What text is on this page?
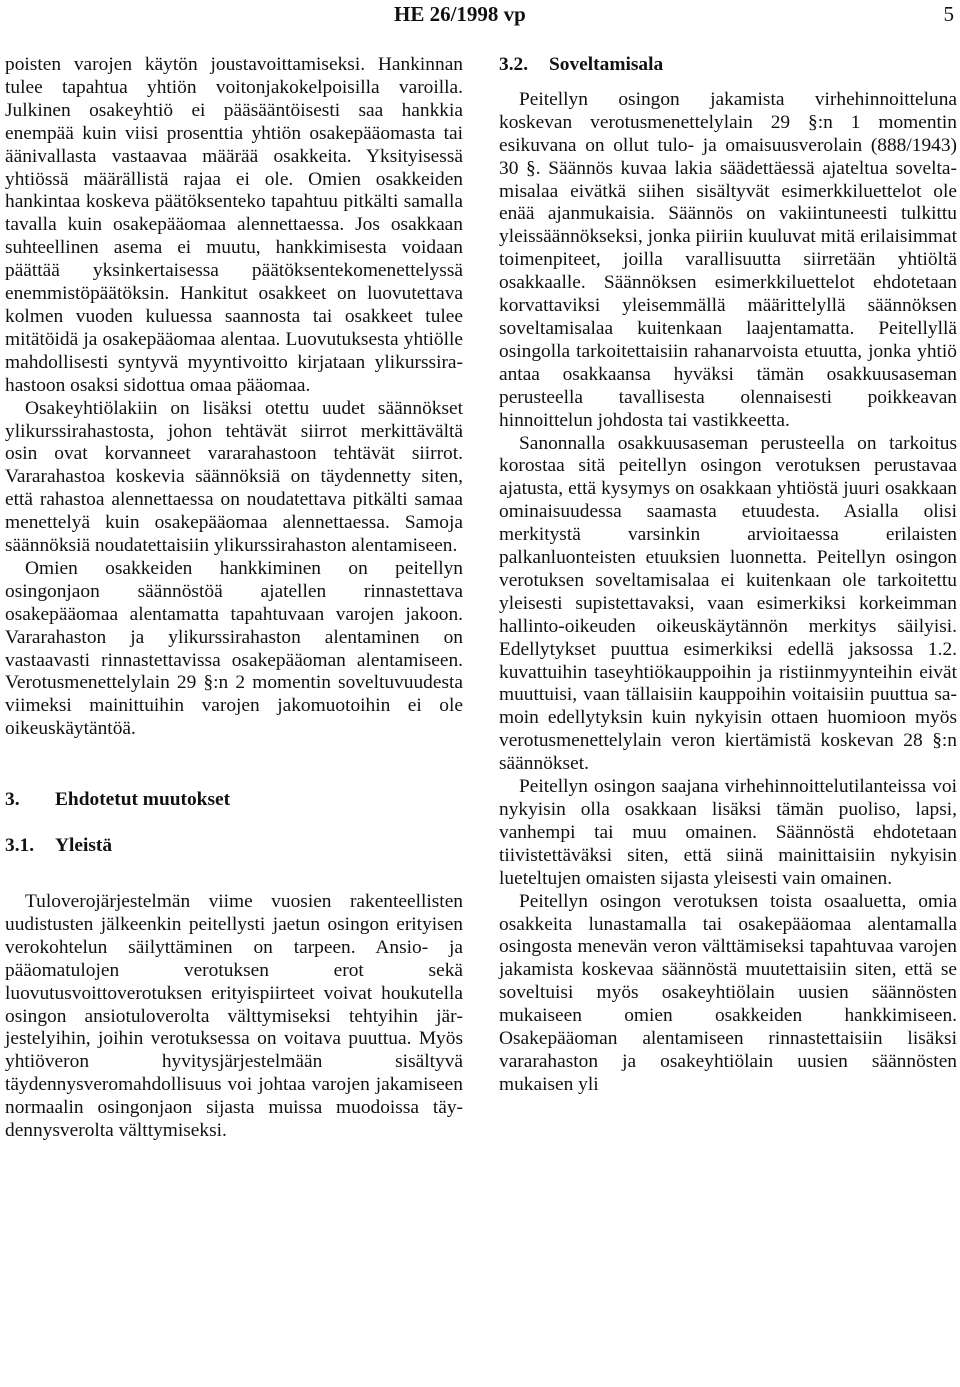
HE 26/1998 vp	5

poisten varojen käytön joustavoittamiseksi. Hankinnan tulee tapahtua yhtiön voitonjakokelpoisilla varoilla. Julkinen osakeyhtiö ei pääsääntöisesti saa hankkia enempää kuin viisi prosenttia yhtiön osakepääomasta tai äänivallasta vastaavaa määrää osakkeita. Yksityisessä yhtiössä määrällistä rajaa ei ole. Omien osakkeiden hankintaa koskeva päätöksenteko tapahtuu pitkälti samalla tavalla kuin osakepääomaa alennettaessa. Jos osakkaan suhteellinen asema ei muutu, hankkimisesta voidaan päättää yksinkertaisessa päätöksentekomenettelyssä enemmistöpäätöksin. Hankitut osakkeet on luovutettava kolmen vuoden kuluessa saannosta tai osakkeet tulee mitätöidä ja osakepääomaa alentaa. Luovutuksesta yhtiölle mahdollisesti syntyvä myyntivoitto kirjataan ylikurssirahastoon osaksi sidottua omaa pääomaa.

Osakeyhtiölakiin on lisäksi otettu uudet säännökset ylikurssirahastosta, johon tehtävät siirrot merkittävältä osin ovat korvanneet vararahastoon tehtävät siirrot. Vararahastoa koskevia säännöksiä on täydennetty siten, että rahastoa alennettaessa on noudatettava pitkälti samaa menettelyä kuin osakepääomaa alennettaessa. Samoja säännöksiä noudatettaisiin ylikurssirahaston alentamiseen.

Omien osakkeiden hankkiminen on peitellyn osingonjaon säännöstöä ajatellen rinnastettava osakepääomaa alentamatta tapahtuvaan varojen jakoon. Vararahaston ja ylikurssirahaston alentaminen on vastaavasti rinnastettavissa osakepääoman alentamiseen. Verotusmenettelylain 29 §:n 2 momentin soveltuvuudesta viimeksi mainittuihin varojen jakomuotoihin ei ole oikeuskäytäntöä.

3. Ehdotetut muutokset
3.1. Yleistä

Tuloverojärjestelmän viime vuosien rakenteellisten uudistusten jälkeenkin peitellysti jaetun osingon erityisen verokohtelun säilyttäminen on tarpeen. Ansio- ja pääomatulojen verotuksen erot sekä luovutusvoittoverotuksen erityispiirteet voivat houkutella osingon ansiotuloverolta välttymiseksi tehtyihin järjestelyihin, joihin verotuksessa on voitava puuttua. Myös yhtiöveron hyvitysjärjestelmään sisältyvä täydennysveromahdollisuus voi johtaa varojen jakamiseen normaalin osingonjaon sijasta muissa muodoissa täydennysverolta välttymiseksi.

3.2. Soveltamisala

Peitellyn osingon jakamista virhehinnoitteluna koskevan verotusmenettelylain 29 §:n 1 momentin esikuvana on ollut tulo- ja omaisuusverolain (888/1943) 30 §. Säännös kuvaa lakia säädettäessä ajateltua soveltamisalaa eivätkä siihen sisältyvät esimerkkiluettelot ole enää ajanmukaisia. Säännös on vakiintuneesti tulkittu yleissäännökseksi, jonka piiriin kuuluvat mitä erilaisimmat toimenpiteet, joilla varallisuutta siirretään yhtiöltä osakkaalle. Säännöksen esimerkkiluettelot ehdotetaan korvattaviksi yleisemmällä määrittelyllä säännöksen soveltamisalaa kuitenkaan laajentamatta. Peitellyllä osingolla tarkoitettaisiin rahanarvoista etuutta, jonka yhtiö antaa osakkaansa hyväksi tämän osakkuusaseman perusteella tavallisesta olennaisesti poikkeavan hinnoittelun johdosta tai vastikkeetta.

Sanonnalla osakkuusaseman perusteella on tarkoitus korostaa sitä peitellyn osingon verotuksen perustavaa ajatusta, että kysymys on osakkaan yhtiöstä juuri osakkaan ominaisuudessa saamasta etuudesta. Asialla olisi merkitystä varsinkin arvioitaessa erilaisten palkanluonteisten etuuksien luonnetta. Peitellyn osingon verotuksen soveltamisalaa ei kuitenkaan ole tarkoitettu yleisesti supistettavaksi, vaan esimerkiksi korkeimman hallinto-oikeuden oikeuskäytännön merkitys säilyisi. Edellytykset puuttua esimerkiksi edellä jaksossa 1.2. kuvattuihin taseyhtiökauppoihin ja ristiinmyynteihin eivät muuttuisi, vaan tällaisiin kauppoihin voitaisiin puuttua samoin edellytyksin kuin nykyisin ottaen huomioon myös verotusmenettelylain veron kiertämistä koskevan 28 §:n säännökset.

Peitellyn osingon saajana virhehinnoittelutilanteissa voi nykyisin olla osakkaan lisäksi tämän puoliso, lapsi, vanhempi tai muu omainen. Säännöstä ehdotetaan tiivistettäväksi siten, että siinä mainittaisiin nykyisin lueteltujen omaisten sijasta yleisesti vain omainen.

Peitellyn osingon verotuksen toista osaaluetta, omia osakkeita lunastamalla tai osakepääomaa alentamalla osingosta menevän veron välttämiseksi tapahtuvaa varojen jakamista koskevaa säännöstä muutettaisiin siten, että se soveltuisi myös osakeyhtiölain uusien säännösten mukaiseen omien osakkeiden hankkimiseen. Osakepääoman alentamiseen rinnastettaisiin lisäksi vararahaston ja osakeyhtiölain uusien säännösten mukaisen yli
